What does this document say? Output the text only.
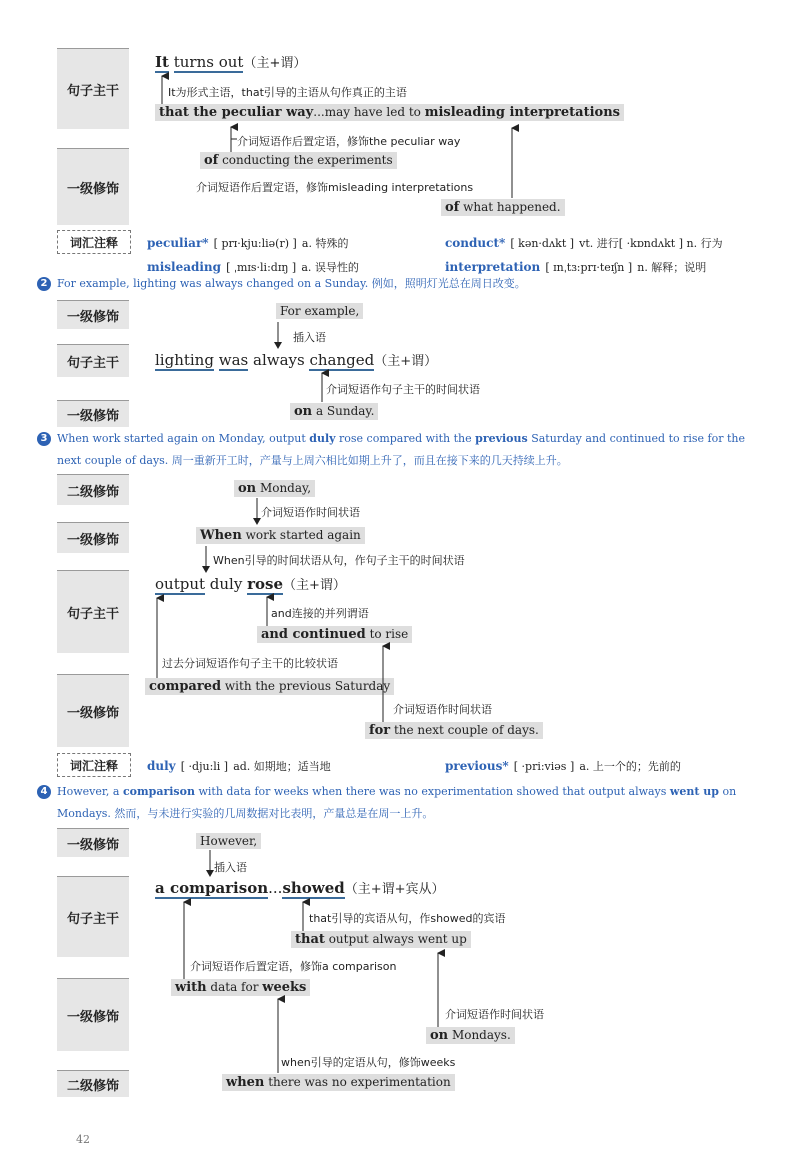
句子主干
一级修饰
It turns out（主+谓）
It为形式主语，that引导的主语从句作真正的主语
that the peculiar way...may have led to misleading interpretations
介词短语作后置定语，修饰the peculiar way
of conducting the experiments
介词短语作后置定语，修饰misleading interpretations
of what happened.
词汇注释	peculiar* [ prɪ·kju:liə(r) ] a. 特殊的	conduct* [ kən·dʌkt ] vt. 进行[ ·kɒndʌkt ] n. 行为
misleading [ ˌmɪs·li:dɪŋ ] a. 误导性的	interpretation [ ɪnˌtɜ:prɪ·teɪʃn ] n. 解释；说明
2 For example, lighting was always changed on a Sunday. 例如，照明灯光总在周日改变。
一级修饰
句子主干
一级修饰
For example,
插入语
lighting was always changed（主+谓）
介词短语作句子主干的时间状语
on a Sunday.
3 When work started again on Monday, output duly rose compared with the previous Saturday and continued to rise for the next couple of days. 周一重新开工时，产量与上周六相比如期上升了，而且在接下来的几天持续上升。
二级修饰
一级修饰
句子主干
一级修饰
on Monday,
介词短语作时间状语
When work started again
When引导的时间状语从句，作句子主干的时间状语
output duly rose（主+谓）
and连接的并列谓语
and continued to rise
过去分词短语作句子主干的比较状语
compared with the previous Saturday
介词短语作时间状语
for the next couple of days.
词汇注释	duly [ ·dju:li ] ad. 如期地；适当地	previous* [ ·pri:viəs ] a. 上一个的；先前的
4 However, a comparison with data for weeks when there was no experimentation showed that output always went up on Mondays. 然而，与未进行实验的几周数据对比表明，产量总是在周一上升。
一级修饰
句子主干
一级修饰
二级修饰
However,
插入语
a comparison...showed（主+谓+宾从）
that引导的宾语从句，作showed的宾语
that output always went up
介词短语作后置定语，修饰a comparison
with data for weeks
介词短语作时间状语
on Mondays.
when引导的定语从句，修饰weeks
when there was no experimentation
42
